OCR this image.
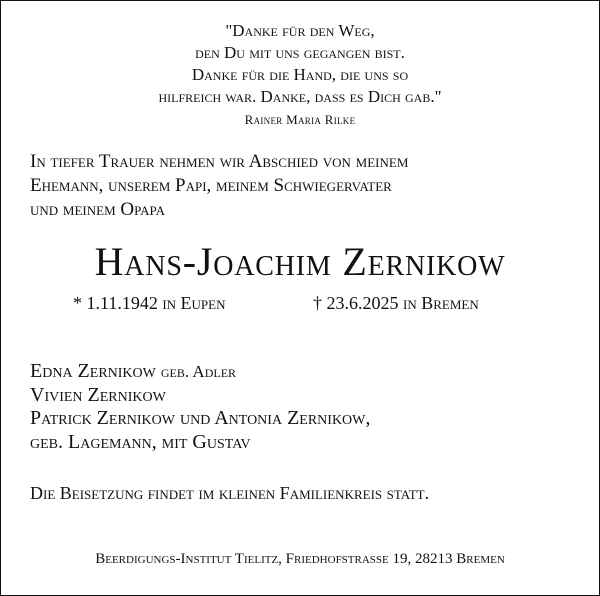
"Danke für den Weg,
den Du mit uns gegangen bist.
Danke für die Hand, die uns so
hilfreich war. Danke, dass es Dich gab."
Rainer Maria Rilke
In tiefer Trauer nehmen wir Abschied von meinem
Ehemann, unserem Papi, meinem Schwiegervater
und meinem Opapa
Hans-Joachim Zernikow
* 1.11.1942 in Eupen	† 23.6.2025 in Bremen
Edna Zernikow geb. Adler
Vivien Zernikow
Patrick Zernikow und Antonia Zernikow,
geb. Lagemann, mit Gustav
Die Beisetzung findet im kleinen Familienkreis statt.
Beerdigungs-Institut Tielitz, Friedhofstrasse 19, 28213 Bremen
